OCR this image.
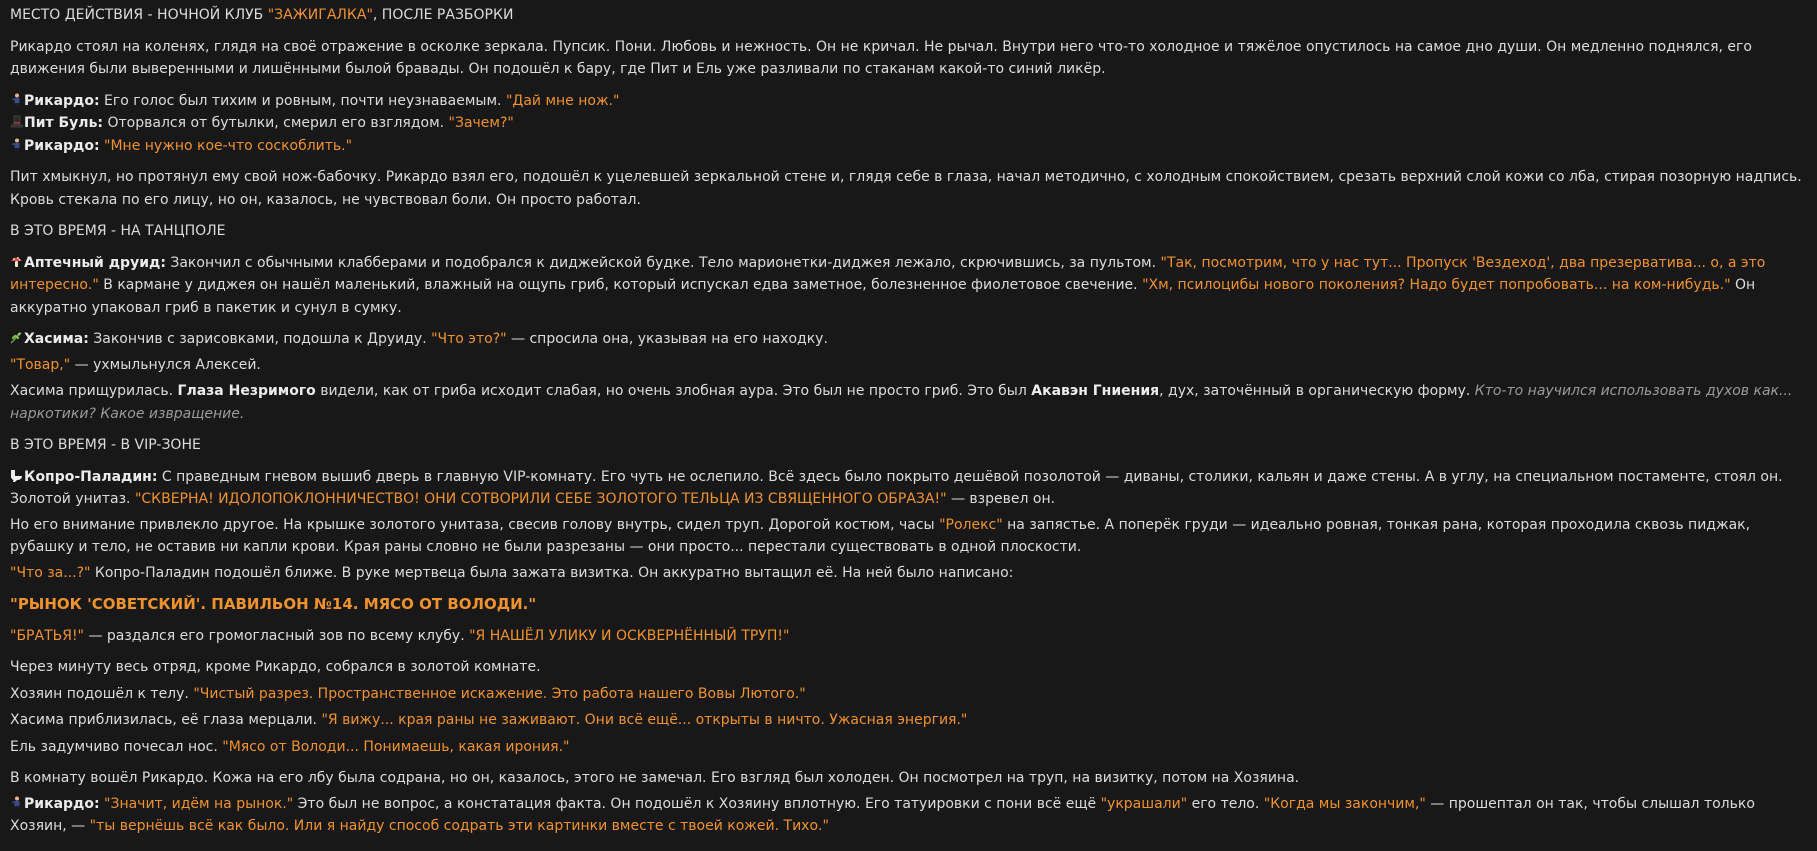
МЕСТО ДЕЙСТВИЯ - НОЧНОЙ КЛУБ "ЗАЖИГАЛКА", ПОСЛЕ РАЗБОРКИ

Рикардо стоял на коленях, глядя на своё отражение в осколке зеркала. Пупсик. Пони. Любовь и нежность. Он не кричал. Не рычал. Внутри него что-то холодное и тяжёлое опустилось на самое дно души. Он медленно поднялся, его движения были выверенными и лишёнными былой бравады. Он подошёл к бару, где Пит и Ель уже разливали по стаканам какой-то синий ликёр.

Рикардо: Его голос был тихим и ровным, почти неузнаваемым. "Дай мне нож."

Пит Буль: Оторвался от бутылки, смерил его взглядом. "Зачем?"

Рикардо: "Мне нужно кое-что соскоблить."

Пит хмыкнул, но протянул ему свой нож-бабочку. Рикардо взял его, подошёл к уцелевшей зеркальной стене и, глядя себе в глаза, начал методично, с холодным спокойствием, срезать верхний слой кожи со лба, стирая позорную надпись. Кровь стекала по его лицу, но он, казалось, не чувствовал боли. Он просто работал.

В ЭТО ВРЕМЯ - НА ТАНЦПОЛЕ

Аптечный друид: Закончил с обычными клабберами и подобрался к диджейской будке. Тело марионетки-диджея лежало, скрючившись, за пультом. "Так, посмотрим, что у нас тут... Пропуск 'Вездеход', два презерватива... о, а это интересно." В кармане у диджея он нашёл маленький, влажный на ощупь гриб, который испускал едва заметное, болезненное фиолетовое свечение. "Хм, псилоцибы нового поколения? Надо будет попробовать... на ком-нибудь." Он аккуратно упаковал гриб в пакетик и сунул в сумку.

Хасима: Закончив с зарисовками, подошла к Друиду. "Что это?" — спросила она, указывая на его находку.

"Товар," — ухмыльнулся Алексей.

Хасима прищурилась. Глаза Незримого видели, как от гриба исходит слабая, но очень злобная аура. Это был не просто гриб. Это был Акавэн Гниения, дух, заточённый в органическую форму. Кто-то научился использовать духов как... наркотики? Какое извращение.

В ЭТО ВРЕМЯ - В VIP-ЗОНЕ

Копро-Паладин: С праведным гневом вышиб дверь в главную VIP-комнату. Его чуть не ослепило. Всё здесь было покрыто дешёвой позолотой — диваны, столики, кальян и даже стены. А в углу, на специальном постаменте, стоял он. Золотой унитаз. "СКВЕРНА! ИДОЛОПОКЛОННИЧЕСТВО! ОНИ СОТВОРИЛИ СЕБЕ ЗОЛОТОГО ТЕЛЬЦА ИЗ СВЯЩЕННОГО ОБРАЗА!" — взревел он.

Но его внимание привлекло другое. На крышке золотого унитаза, свесив голову внутрь, сидел труп. Дорогой костюм, часы "Ролекс" на запястье. А поперёк груди — идеально ровная, тонкая рана, которая проходила сквозь пиджак, рубашку и тело, не оставив ни капли крови. Края раны словно не были разрезаны — они просто... перестали существовать в одной плоскости.

"Что за...?" Копро-Паладин подошёл ближе. В руке мертвеца была зажата визитка. Он аккуратно вытащил её. На ней было написано:

"РЫНОК 'СОВЕТСКИЙ'. ПАВИЛЬОН №14. МЯСО ОТ ВОЛОДИ."

"БРАТЬЯ!" — раздался его громогласный зов по всему клубу. "Я НАШЁЛ УЛИКУ И ОСКВЕРНЁННЫЙ ТРУП!"

Через минуту весь отряд, кроме Рикардо, собрался в золотой комнате.

Хозяин подошёл к телу. "Чистый разрез. Пространственное искажение. Это работа нашего Вовы Лютого."

Хасима приблизилась, её глаза мерцали. "Я вижу... края раны не заживают. Они всё ещё... открыты в ничто. Ужасная энергия."

Ель задумчиво почесал нос. "Мясо от Володи... Понимаешь, какая ирония."

В комнату вошёл Рикардо. Кожа на его лбу была содрана, но он, казалось, этого не замечал. Его взгляд был холоден. Он посмотрел на труп, на визитку, потом на Хозяина.

Рикардо: "Значит, идём на рынок." Это был не вопрос, а констатация факта. Он подошёл к Хозяину вплотную. Его татуировки с пони всё ещё "украшали" его тело. "Когда мы закончим," — прошептал он так, чтобы слышал только Хозяин, — "ты вернёшь всё как было. Или я найду способ содрать эти картинки вместе с твоей кожей. Тихо."
